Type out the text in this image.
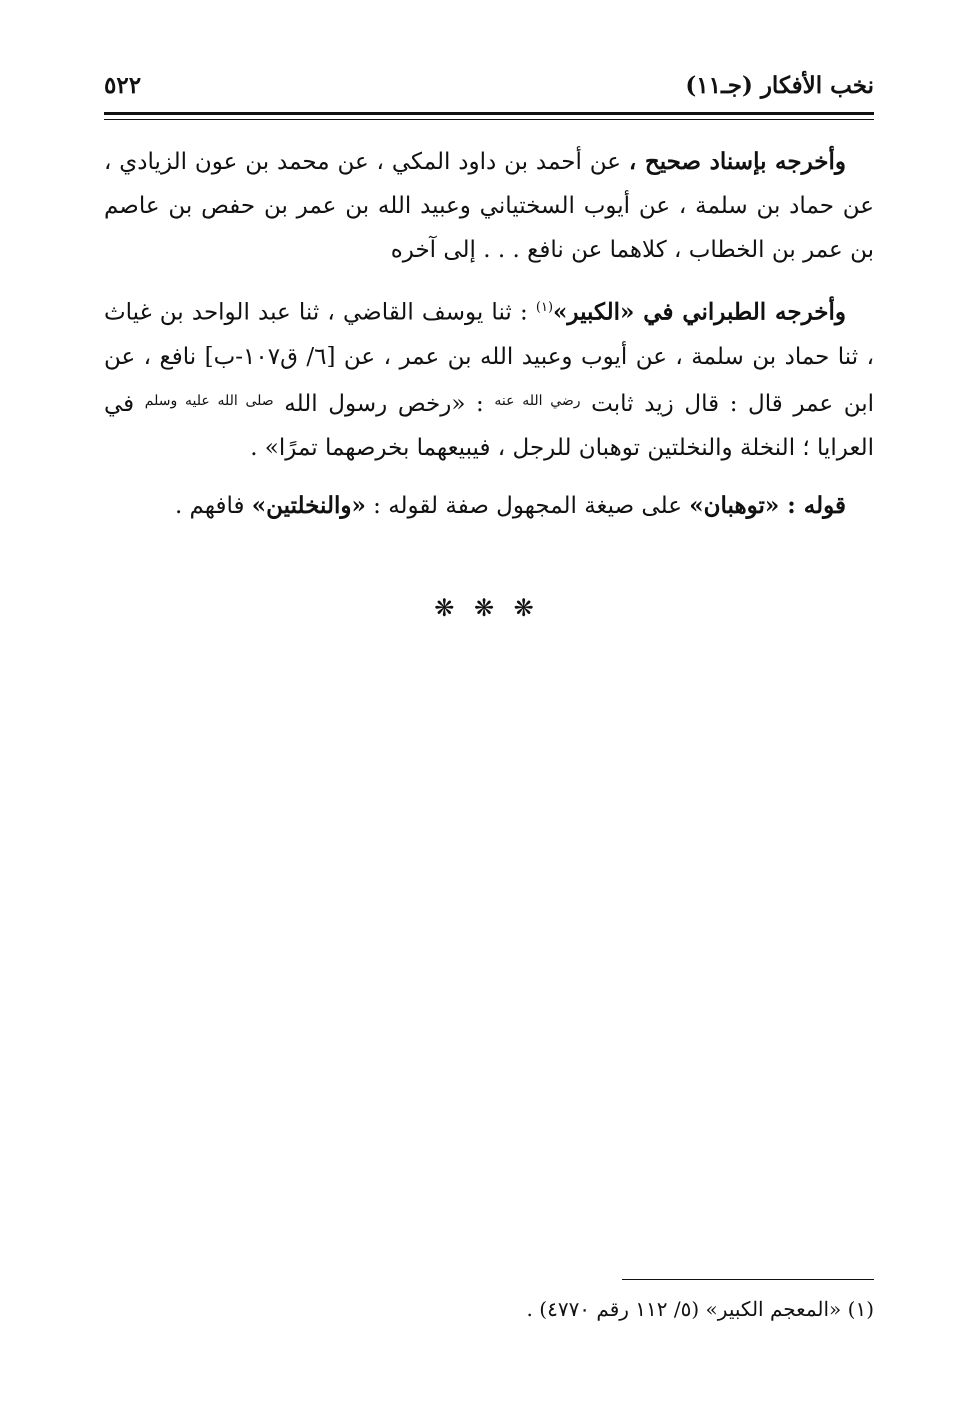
نخب الأفكار (جـ١١)
٥٢٢

وأخرجه بإسناد صحيح ، عن أحمد بن داود المكي ، عن محمد بن عون الزيادي ، عن حماد بن سلمة ، عن أيوب السختياني وعبيد الله بن عمر بن حفص بن عاصم بن عمر بن الخطاب ، كلاهما عن نافع . . . إلى آخره

وأخرجه الطبراني في «الكبير»$^{(١)}$ : ثنا يوسف القاضي ، ثنا عبد الواحد بن غياث ، ثنا حماد بن سلمة ، عن أيوب وعبيد الله بن عمر ، عن [٦/ ق١٠٧-ب] نافع ، عن ابن عمر قال : قال زيد ثابت $^{رضي الله عنه}$ : «رخص رسول الله $^{صلى الله عليه وسلم}$ في العرايا ؛ النخلة والنخلتين توهبان للرجل ، فيبيعهما بخرصهما تمرًا» .

قوله : «توهبان» على صيغة المجهول صفة لقوله : «والنخلتين» فافهم .

❋ ❋ ❋
(١) «المعجم الكبير» (٥/ ١١٢ رقم ٤٧٧٠) .
